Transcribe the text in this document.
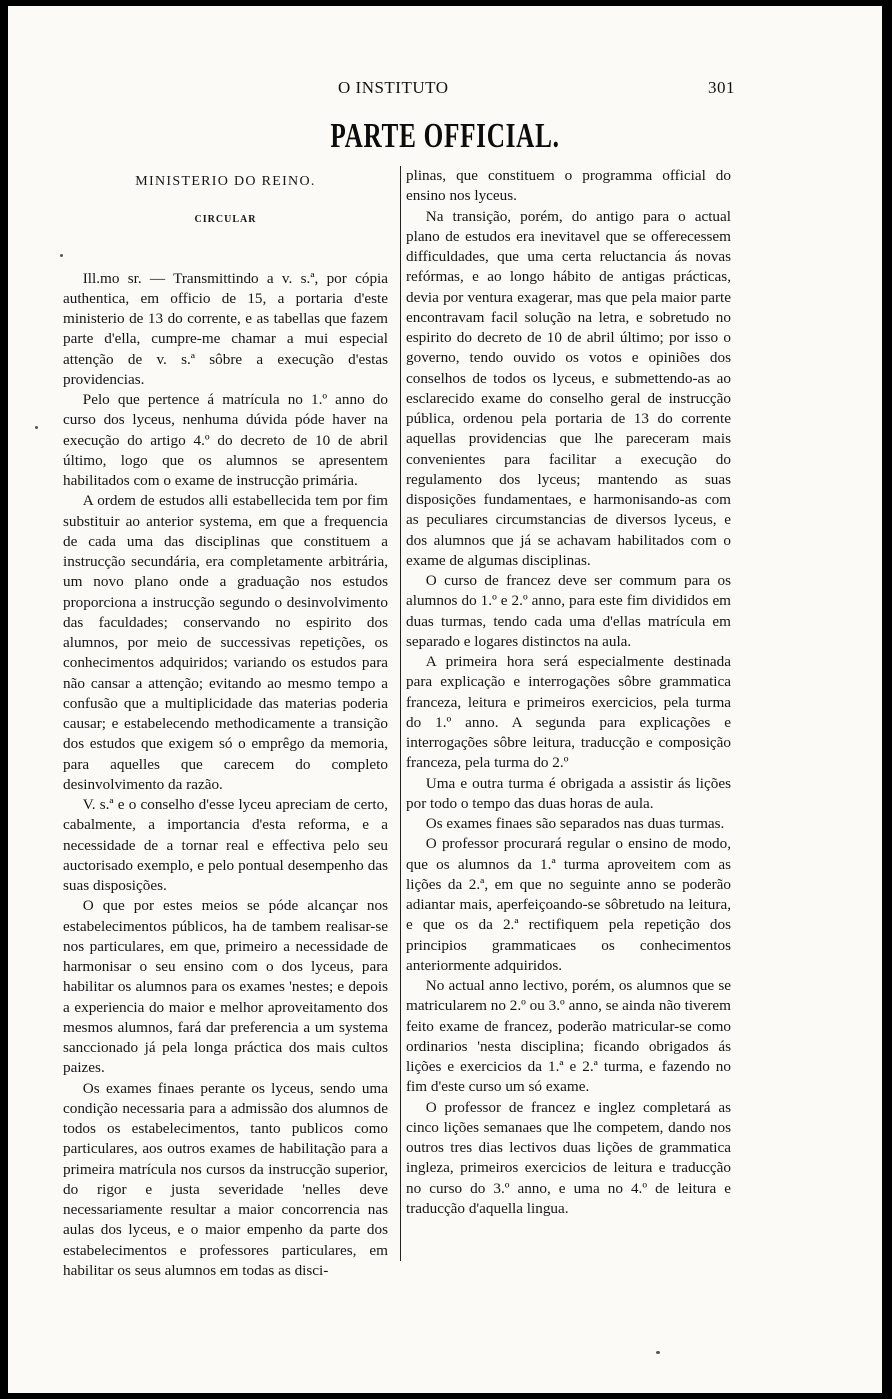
O INSTITUTO	301
PARTE OFFICIAL.
MINISTERIO DO REINO.
CIRCULAR

Ill.mo sr. — Transmittindo a v. s.ª, por cópia authentica, em officio de 15, a portaria d'este ministerio de 13 do corrente, e as tabellas que fazem parte d'ella, cumpre-me chamar a mui especial attenção de v. s.ª sôbre a execução d'estas providencias.

Pelo que pertence á matrícula no 1.º anno do curso dos lyceus, nenhuma dúvida póde haver na execução do artigo 4.º do decreto de 10 de abril último, logo que os alumnos se apresentem habilitados com o exame de instrucção primária.

A ordem de estudos alli estabellecida tem por fim substituir ao anterior systema, em que a frequencia de cada uma das disciplinas que constituem a instrucção secundária, era completamente arbitrária, um novo plano onde a graduação nos estudos proporciona a instrucção segundo o desinvolvimento das faculdades; conservando no espirito dos alumnos, por meio de successivas repetições, os conhecimentos adquiridos; variando os estudos para não cansar a attenção; evitando ao mesmo tempo a confusão que a multiplicidade das materias poderia causar; e estabelecendo methodicamente a transição dos estudos que exigem só o emprêgo da memoria, para aquelles que carecem do completo desinvolvimento da razão.

V. s.ª e o conselho d'esse lyceu apreciam de certo, cabalmente, a importancia d'esta reforma, e a necessidade de a tornar real e effectiva pelo seu auctorisado exemplo, e pelo pontual desempenho das suas disposições.

O que por estes meios se póde alcançar nos estabelecimentos públicos, ha de tambem realisar-se nos particulares, em que, primeiro a necessidade de harmonisar o seu ensino com o dos lyceus, para habilitar os alumnos para os exames 'nestes; e depois a experiencia do maior e melhor aproveitamento dos mesmos alumnos, fará dar preferencia a um systema sanccionado já pela longa práctica dos mais cultos paizes.

Os exames finaes perante os lyceus, sendo uma condição necessaria para a admissão dos alumnos de todos os estabelecimentos, tanto publicos como particulares, aos outros exames de habilitação para a primeira matrícula nos cursos da instrucção superior, do rigor e justa severidade 'nelles deve necessariamente resultar a maior concorrencia nas aulas dos lyceus, e o maior empenho da parte dos estabelecimentos e professores particulares, em habilitar os seus alumnos em todas as disci-

plinas, que constituem o programma official do ensino nos lyceus.

Na transição, porém, do antigo para o actual plano de estudos era inevitavel que se offerecessem difficuldades, que uma certa reluctancia ás novas refórmas, e ao longo hábito de antigas prácticas, devia por ventura exagerar, mas que pela maior parte encontravam facil solução na letra, e sobretudo no espirito do decreto de 10 de abril último; por isso o governo, tendo ouvido os votos e opiniões dos conselhos de todos os lyceus, e submettendo-as ao esclarecido exame do conselho geral de instrucção pública, ordenou pela portaria de 13 do corrente aquellas providencias que lhe pareceram mais convenientes para facilitar a execução do regulamento dos lyceus; mantendo as suas disposições fundamentaes, e harmonisando-as com as peculiares circumstancias de diversos lyceus, e dos alumnos que já se achavam habilitados com o exame de algumas disciplinas.

O curso de francez deve ser commum para os alumnos do 1.º e 2.º anno, para este fim divididos em duas turmas, tendo cada uma d'ellas matrícula em separado e logares distinctos na aula.

A primeira hora será especialmente destinada para explicação e interrogações sôbre grammatica franceza, leitura e primeiros exercicios, pela turma do 1.º anno. A segunda para explicações e interrogações sôbre leitura, traducção e composição franceza, pela turma do 2.º

Uma e outra turma é obrigada a assistir ás lições por todo o tempo das duas horas de aula.

Os exames finaes são separados nas duas turmas.

O professor procurará regular o ensino de modo, que os alumnos da 1.ª turma aproveitem com as lições da 2.ª, em que no seguinte anno se poderão adiantar mais, aperfeiçoando-se sôbretudo na leitura, e que os da 2.ª rectifiquem pela repetição dos principios grammaticaes os conhecimentos anteriormente adquiridos.

No actual anno lectivo, porém, os alumnos que se matricularem no 2.º ou 3.º anno, se ainda não tiverem feito exame de francez, poderão matricular-se como ordinarios 'nesta disciplina; ficando obrigados ás lições e exercicios da 1.ª e 2.ª turma, e fazendo no fim d'este curso um só exame.

O professor de francez e inglez completará as cinco lições semanaes que lhe competem, dando nos outros tres dias lectivos duas lições de grammatica ingleza, primeiros exercicios de leitura e traducção no curso do 3.º anno, e uma no 4.º de leitura e traducção d'aquella lingua.
